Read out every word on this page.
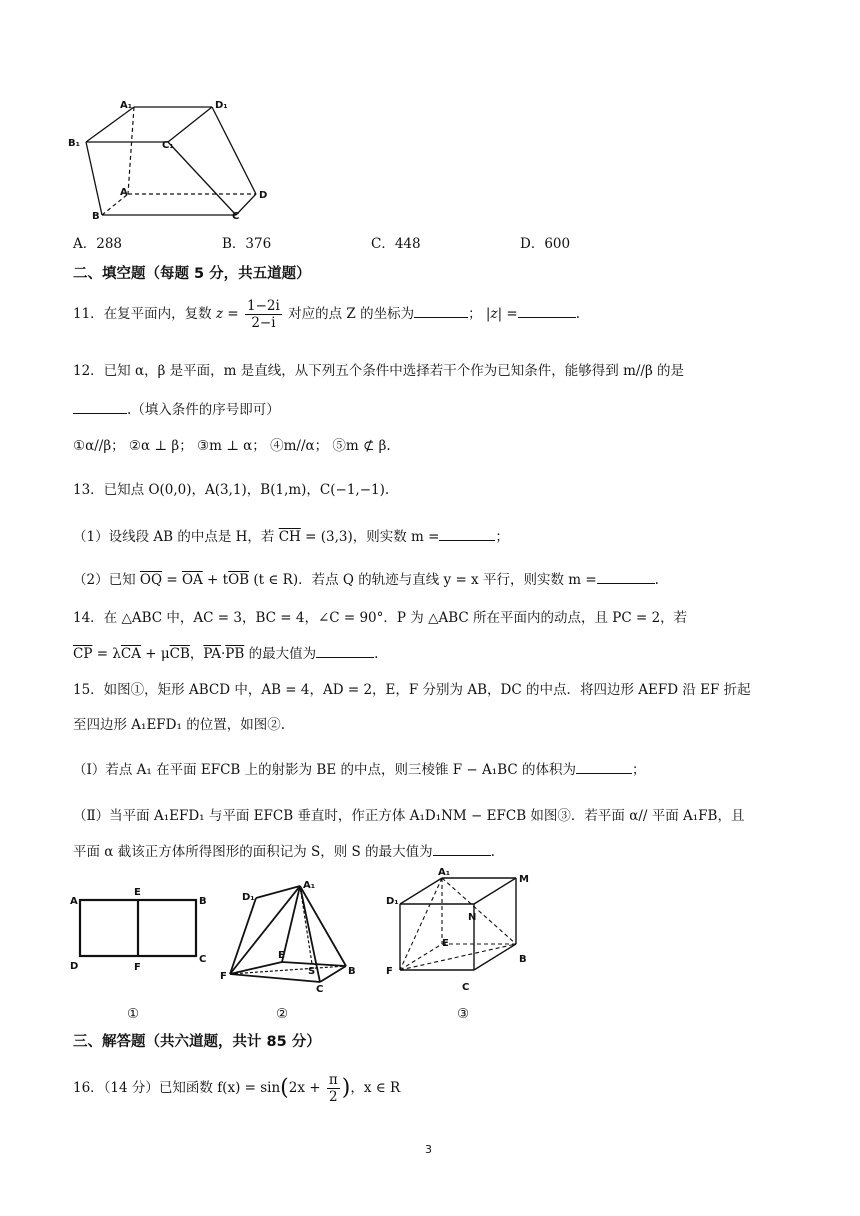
A₁	D₁
B₁	C₁
A	D
B	C
A．288	B．376	C．448	D．600
二、填空题（每题 5 分，共五道题）
11．在复平面内，复数 $z = \frac{1-2i}{2-i}$ 对应的点 Z 的坐标为	； |z| =	.
12．已知 α，β 是平面，m 是直线，从下列五个条件中选择若干个作为已知条件，能够得到 m//β 的是
.（填入条件的序号即可）
①α//β； ②α ⊥ β； ③m ⊥ α； ④m//α； ⑤m ⊄ β.
13．已知点 O(0,0)，A(3,1)，B(1,m)，C(−1,−1).
（1）设线段 AB 的中点是 H，若 $\overline{CH} = (3,3)$，则实数 m =	；
（2）已知 $\overline{OQ} = \overline{OA} + t\overline{OB}$ (t ∈ R)．若点 Q 的轨迹与直线 y = x 平行，则实数 m =	.
14．在 △ABC 中，AC = 3，BC = 4，∠C = 90°．P 为 △ABC 所在平面内的动点，且 PC = 2，若
$\overline{CP} = \lambda\overline{CA} + \mu\overline{CB}$，$\overline{PA}\cdot\overline{PB}$ 的最大值为	.
15．如图①，矩形 ABCD 中，AB = 4，AD = 2，E，F 分别为 AB，DC 的中点．将四边形 AEFD 沿 EF 折起
至四边形 A₁EFD₁ 的位置，如图②.
（Ⅰ）若点 A₁ 在平面 EFCB 上的射影为 BE 的中点，则三棱锥 F − A₁BC 的体积为	；
（Ⅱ）当平面 A₁EFD₁ 与平面 EFCB 垂直时，作正方体 A₁D₁NM − EFCB 如图③．若平面 α// 平面 A₁FB，且
平面 α 截该正方体所得图形的面积记为 S，则 S 的最大值为	.
A
E
B
D	F
C
D₁
A₁
E
F	S	B
C
A₁
M
D₁
N
E
F
B
C
①	②	③
三、解答题（共六道题，共计 85 分）
16．（14 分）已知函数 $f(x) = \sin(2x + \frac{\pi}{2}$ )，x ∈ R
3
